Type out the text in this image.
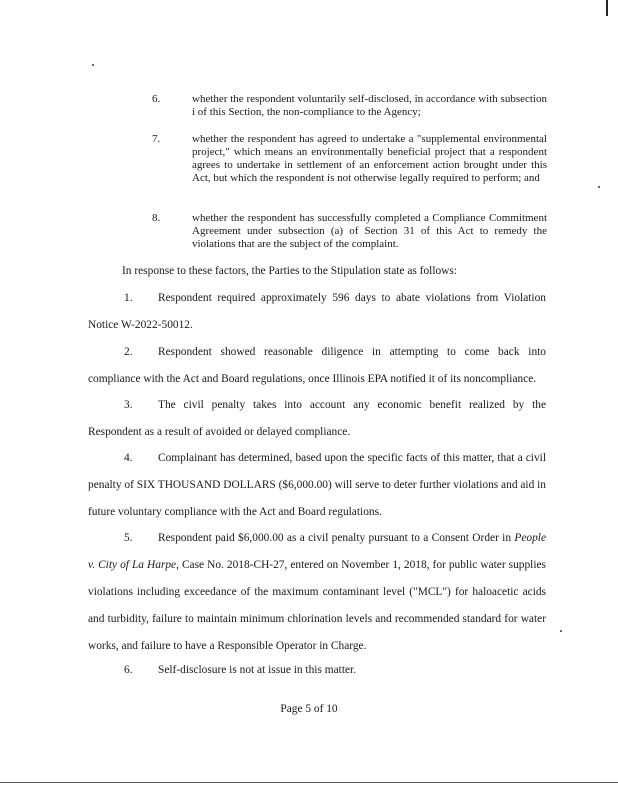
6.	whether the respondent voluntarily self-disclosed, in accordance with subsection i of this Section, the non-compliance to the Agency;
7.	whether the respondent has agreed to undertake a "supplemental environmental project," which means an environmentally beneficial project that a respondent agrees to undertake in settlement of an enforcement action brought under this Act, but which the respondent is not otherwise legally required to perform; and
8.	whether the respondent has successfully completed a Compliance Commitment Agreement under subsection (a) of Section 31 of this Act to remedy the violations that are the subject of the complaint.
In response to these factors, the Parties to the Stipulation state as follows:
1. Respondent required approximately 596 days to abate violations from Violation Notice W-2022-50012.
2. Respondent showed reasonable diligence in attempting to come back into compliance with the Act and Board regulations, once Illinois EPA notified it of its noncompliance.
3. The civil penalty takes into account any economic benefit realized by the Respondent as a result of avoided or delayed compliance.
4. Complainant has determined, based upon the specific facts of this matter, that a civil penalty of SIX THOUSAND DOLLARS ($6,000.00) will serve to deter further violations and aid in future voluntary compliance with the Act and Board regulations.
5. Respondent paid $6,000.00 as a civil penalty pursuant to a Consent Order in People v. City of La Harpe, Case No. 2018-CH-27, entered on November 1, 2018, for public water supplies violations including exceedance of the maximum contaminant level ("MCL") for haloacetic acids and turbidity, failure to maintain minimum chlorination levels and recommended standard for water works, and failure to have a Responsible Operator in Charge.
6. Self-disclosure is not at issue in this matter.
Page 5 of 10
